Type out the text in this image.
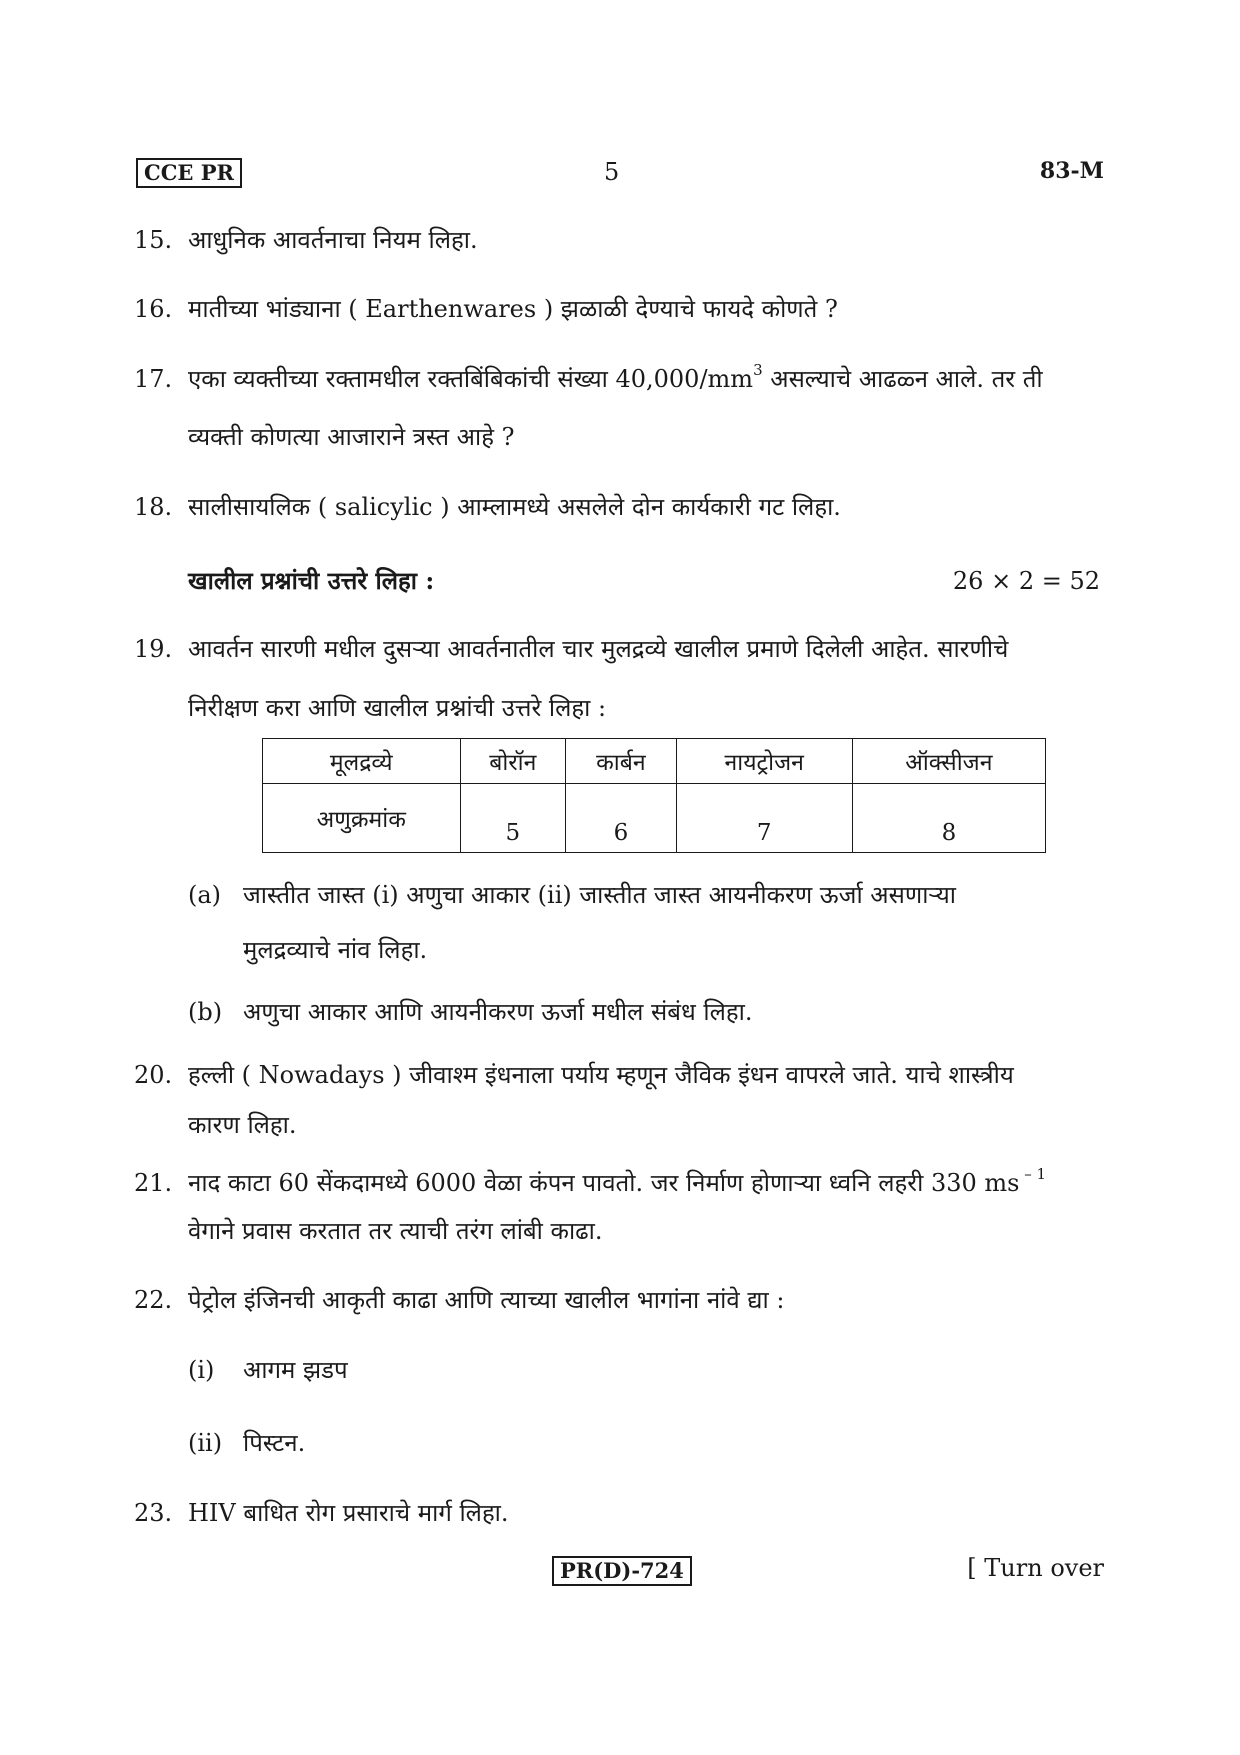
CCE PR	5	83-M
15. आधुनिक आवर्तनाचा नियम लिहा.
16. मातीच्या भांड्याना ( Earthenwares ) झळाळी देण्याचे फायदे कोणते ?
17. एका व्यक्तीच्या रक्तामधील रक्तबिंबिकांची संख्या $40,000/mm^3$ असल्याचे आढळ्न आले. तर ती
व्यक्ती कोणत्या आजाराने त्रस्त आहे ?
18. सालीसायलिक ( salicylic ) आम्लामध्ये असलेले दोन कार्यकारी गट लिहा.
खालील प्रश्नांची उत्तरे लिहा :	26 × 2 = 52
19. आवर्तन सारणी मधील दुसऱ्या आवर्तनातील चार मुलद्रव्ये खालील प्रमाणे दिलेली आहेत. सारणीचे
निरीक्षण करा आणि खालील प्रश्नांची उत्तरे लिहा :
मूलद्रव्ये	बोरॉन	कार्बन	नायट्रोजन	ऑक्सीजन
अणुक्रमांक	5	6	7	8
(a) जास्तीत जास्त (i) अणुचा आकार (ii) जास्तीत जास्त आयनीकरण ऊर्जा असणाऱ्या
मुलद्रव्याचे नांव लिहा.
(b) अणुचा आकार आणि आयनीकरण ऊर्जा मधील संबंध लिहा.
20. हल्ली ( Nowadays ) जीवाश्म इंधनाला पर्याय म्हणून जैविक इंधन वापरले जाते. याचे शास्त्रीय
कारण लिहा.
21. नाद काटा 60 सेंकदामध्ये 6000 वेळा कंपन पावतो. जर निर्माण होणाऱ्या ध्वनि लहरी 330 ms $^{- 1}$
वेगाने प्रवास करतात तर त्याची तरंग लांबी काढा.
22. पेट्रोल इंजिनची आकृती काढा आणि त्याच्या खालील भागांना नांवे द्या :
(i) आगम झडप
(ii) पिस्टन.
23. HIV बाधित रोग प्रसाराचे मार्ग लिहा.
PR(D)-724	[ Turn over
